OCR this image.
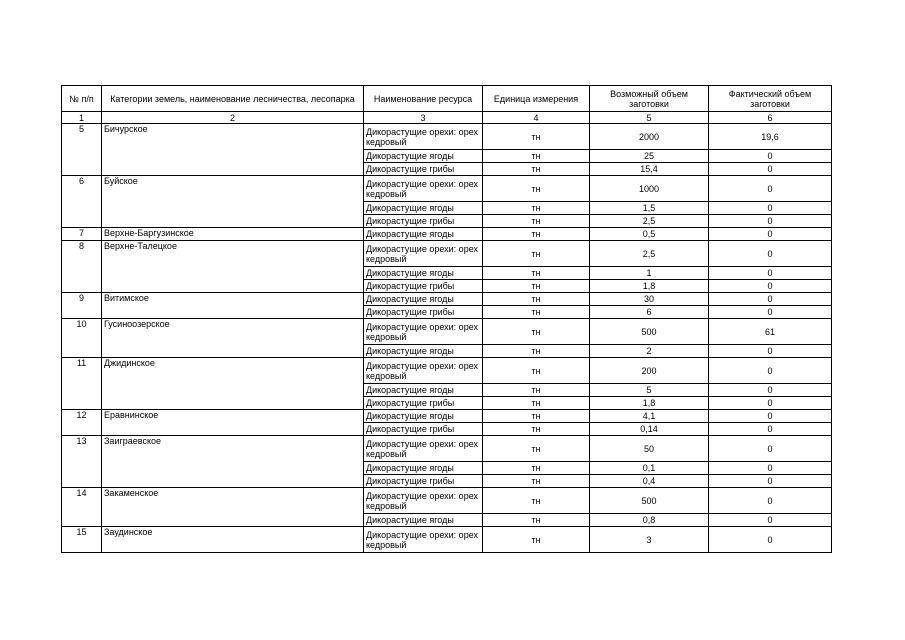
№ п/п	Категории земель, наименование лесничества, лесопарка	Наименование ресурса	Единица измерения	Возможный объем заготовки	Фактический объем заготовки
1	2	3	4	5	6
5	Бичурское	Дикорастущие орехи: орех кедровый	тн	2000	19,6
		Дикорастущие ягоды	тн	25	0
		Дикорастущие грибы	тн	15,4	0
6	Буйское	Дикорастущие орехи: орех кедровый	тн	1000	0
		Дикорастущие ягоды	тн	1,5	0
		Дикорастущие грибы	тн	2,5	0
7	Верхне-Баргузинское	Дикорастущие ягоды	тн	0,5	0
8	Верхне-Талецкое	Дикорастущие орехи: орех кедровый	тн	2,5	0
		Дикорастущие ягоды	тн	1	0
		Дикорастущие грибы	тн	1,8	0
9	Витимское	Дикорастущие ягоды	тн	30	0
		Дикорастущие грибы	тн	6	0
10	Гусиноозерское	Дикорастущие орехи: орех кедровый	тн	500	61
		Дикорастущие ягоды	тн	2	0
11	Джидинское	Дикорастущие орехи: орех кедровый	тн	200	0
		Дикорастущие ягоды	тн	5	0
		Дикорастущие грибы	тн	1,8	0
12	Еравнинское	Дикорастущие ягоды	тн	4,1	0
		Дикорастущие грибы	тн	0,14	0
13	Заиграевское	Дикорастущие орехи: орех кедровый	тн	50	0
		Дикорастущие ягоды	тн	0,1	0
		Дикорастущие грибы	тн	0,4	0
14	Закаменское	Дикорастущие орехи: орех кедровый	тн	500	0
		Дикорастущие ягоды	тн	0,8	0
15	Заудинское	Дикорастущие орехи: орех кедровый	тн	3	0
